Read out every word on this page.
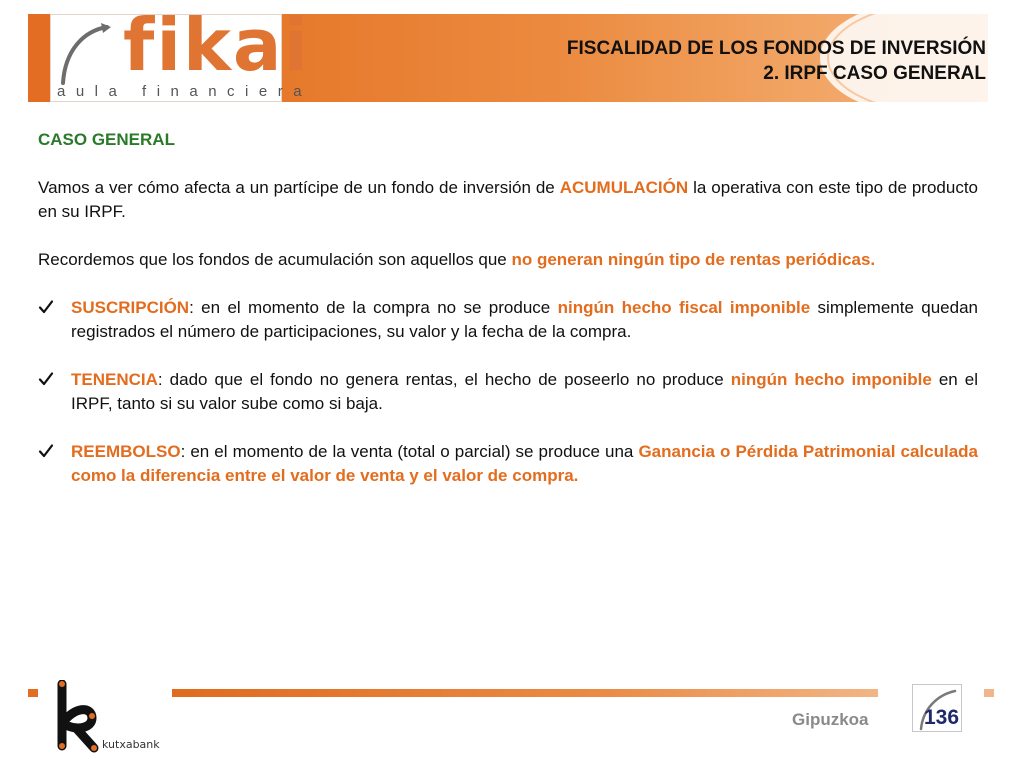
fikai
aula financiera
FISCALIDAD DE LOS FONDOS DE INVERSIÓN
2. IRPF CASO GENERAL
CASO GENERAL

Vamos a ver cómo afecta a un partícipe de un fondo de inversión de ACUMULACIÓN la operativa con este tipo de producto en su IRPF.

Recordemos que los fondos de acumulación son aquellos que no generan ningún tipo de rentas periódicas.

SUSCRIPCIÓN: en el momento de la compra no se produce ningún hecho fiscal imponible simplemente quedan registrados el número de participaciones, su valor y la fecha de la compra.
TENENCIA: dado que el fondo no genera rentas, el hecho de poseerlo no produce ningún hecho imponible en el IRPF, tanto si su valor sube como si baja.
REEMBOLSO: en el momento de la venta (total o parcial) se produce una Ganancia o Pérdida Patrimonial calculada como la diferencia entre el valor de venta y el valor de compra.
kutxabank
Gipuzkoa	136
